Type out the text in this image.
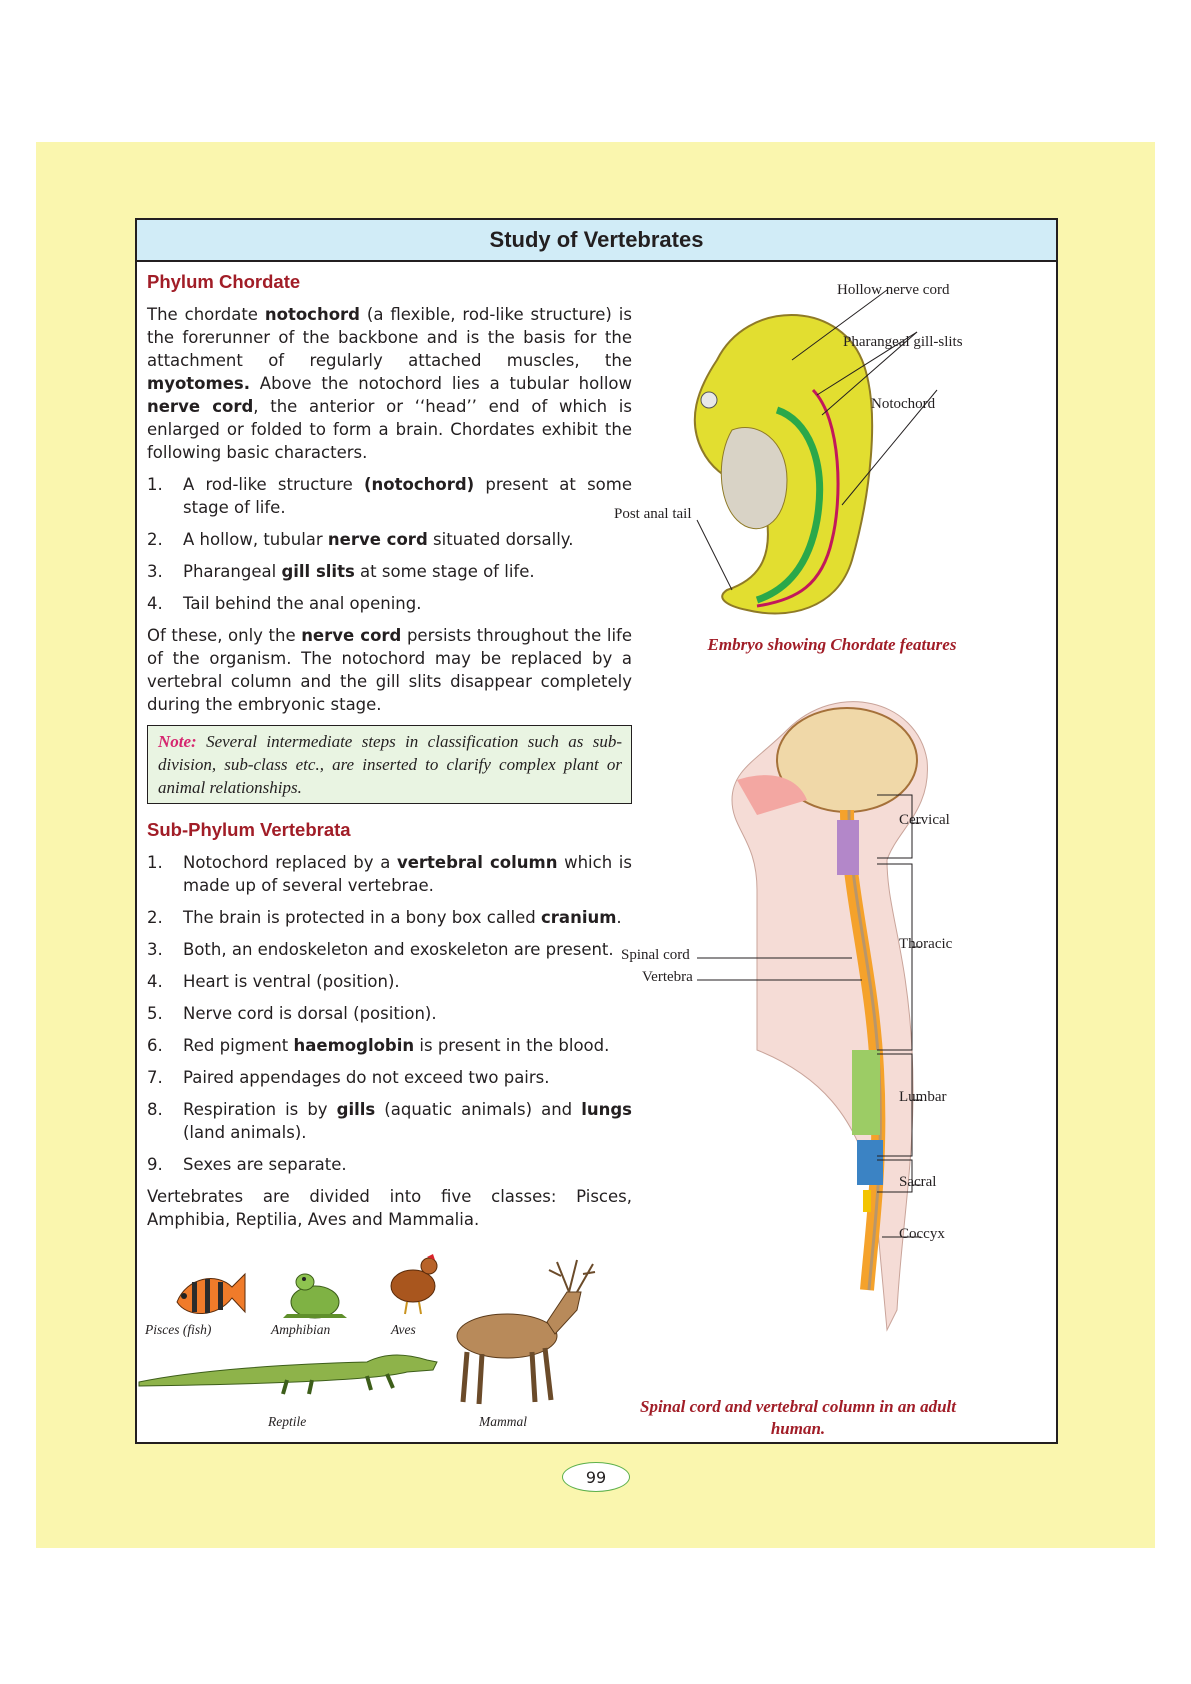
Study of Vertebrates
Phylum Chordate

The chordate notochord (a flexible, rod-like structure) is the forerunner of the backbone and is the basis for the attachment of regularly attached muscles, the myotomes. Above the notochord lies a tubular hollow nerve cord, the anterior or ‘‘head’’ end of which is enlarged or folded to form a brain. Chordates exhibit the following basic characters.

1.	A rod-like structure (notochord) present at some stage of life.
2.	A hollow, tubular nerve cord situated dorsally.
3.	Pharangeal gill slits at some stage of life.
4.	Tail behind the anal opening.

Of these, only the nerve cord persists throughout the life of the organism. The notochord may be replaced by a vertebral column and the gill slits disappear completely during the embryonic stage.

Note: Several intermediate steps in classification such as sub-division, sub-class etc., are inserted to clarify complex plant or animal relationships.
Sub-Phylum Vertebrata
1.	Notochord replaced by a vertebral column which is made up of several vertebrae.
2.	The brain is protected in a bony box called cranium.
3.	Both, an endoskeleton and exoskeleton are present.
4.	Heart is ventral (position).
5.	Nerve cord is dorsal (position).
6.	Red pigment haemoglobin is present in the blood.
7.	Paired appendages do not exceed two pairs.
8.	Respiration is by gills (aquatic animals) and lungs (land animals).
9.	Sexes are separate.

Vertebrates are divided into five classes: Pisces, Amphibia, Reptilia, Aves and Mammalia.

Pisces (fish)	Amphibian	Aves
Reptile	Mammal
Hollow nerve cord
Pharangeal gill-slits
Notochord
Post anal tail
Embryo showing Chordate features
Cervical
Thoracic
Lumbar
Sacral
Coccyx
Spinal cord
Vertebra
Spinal cord and vertebral column in an adult
human.
99
